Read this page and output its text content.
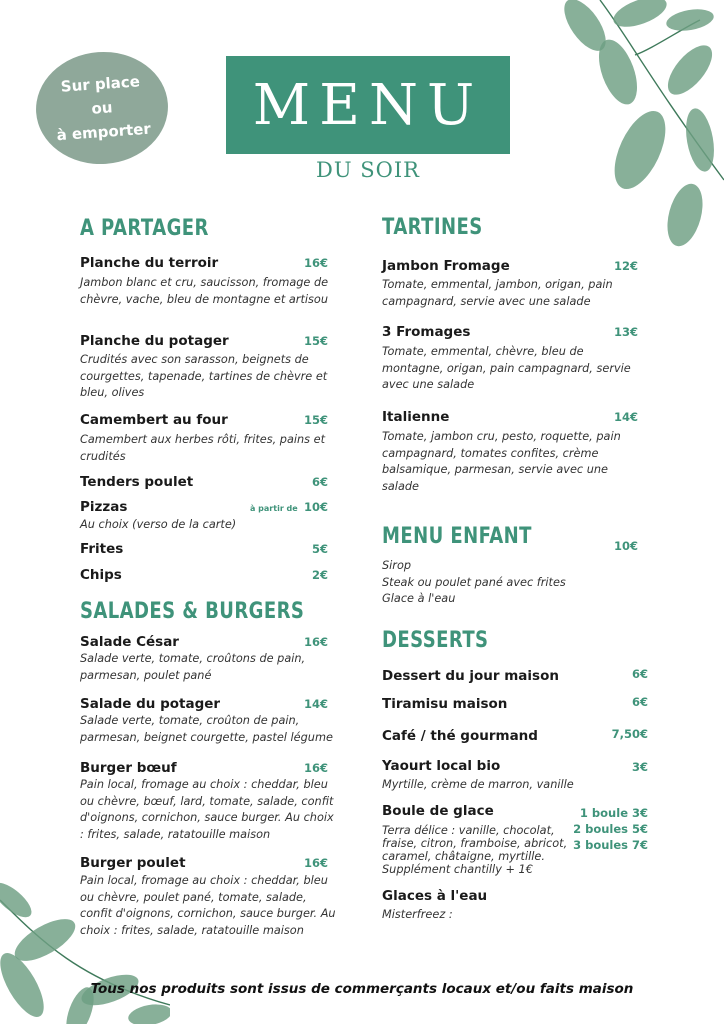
Sur place
ou
à emporter	MENU
DU SOIR
A PARTAGER
Planche du terroir	16€
Jambon blanc et cru, saucisson, fromage de chèvre, vache, bleu de montagne et artisou
Planche du potager	15€
Crudités avec son sarasson, beignets de courgettes, tapenade, tartines de chèvre et bleu, olives
Camembert au four	15€
Camembert aux herbes rôti, frites, pains et crudités
Tenders poulet	6€
Pizzas	à partir de 10€
Au choix (verso de la carte)
Frites	5€
Chips	2€
SALADES & BURGERS
Salade César	16€
Salade verte, tomate, croûtons de pain, parmesan, poulet pané
Salade du potager	14€
Salade verte, tomate, croûton de pain, parmesan, beignet courgette, pastel légume
Burger bœuf	16€
Pain local, fromage au choix : cheddar, bleu ou chèvre, bœuf, lard, tomate, salade, confit d'oignons, cornichon, sauce burger. Au choix : frites, salade, ratatouille maison
Burger poulet	16€
Pain local, fromage au choix : cheddar, bleu ou chèvre, poulet pané, tomate, salade, confit d'oignons, cornichon, sauce burger. Au choix : frites, salade, ratatouille maison
TARTINES
Jambon Fromage	12€
Tomate, emmental, jambon, origan, pain campagnard, servie avec une salade
3 Fromages	13€
Tomate, emmental, chèvre, bleu de montagne, origan, pain campagnard, servie avec une salade
Italienne	14€
Tomate, jambon cru, pesto, roquette, pain campagnard, tomates confites, crème balsamique, parmesan, servie avec une salade
MENU ENFANT	10€
Sirop
Steak ou poulet pané avec frites
Glace à l'eau
DESSERTS
Dessert du jour maison	6€
Tiramisu maison	6€
Café / thé gourmand	7,50€
Yaourt local bio	3€
Myrtille, crème de marron, vanille
Boule de glace	1 boule 3€
2 boules 5€
3 boules 7€
Terra délice : vanille, chocolat, fraise, citron, framboise, abricot, caramel, châtaigne, myrtille. Supplément chantilly + 1€
Glaces à l'eau
Misterfreez :
Tous nos produits sont issus de commerçants locaux et/ou faits maison
